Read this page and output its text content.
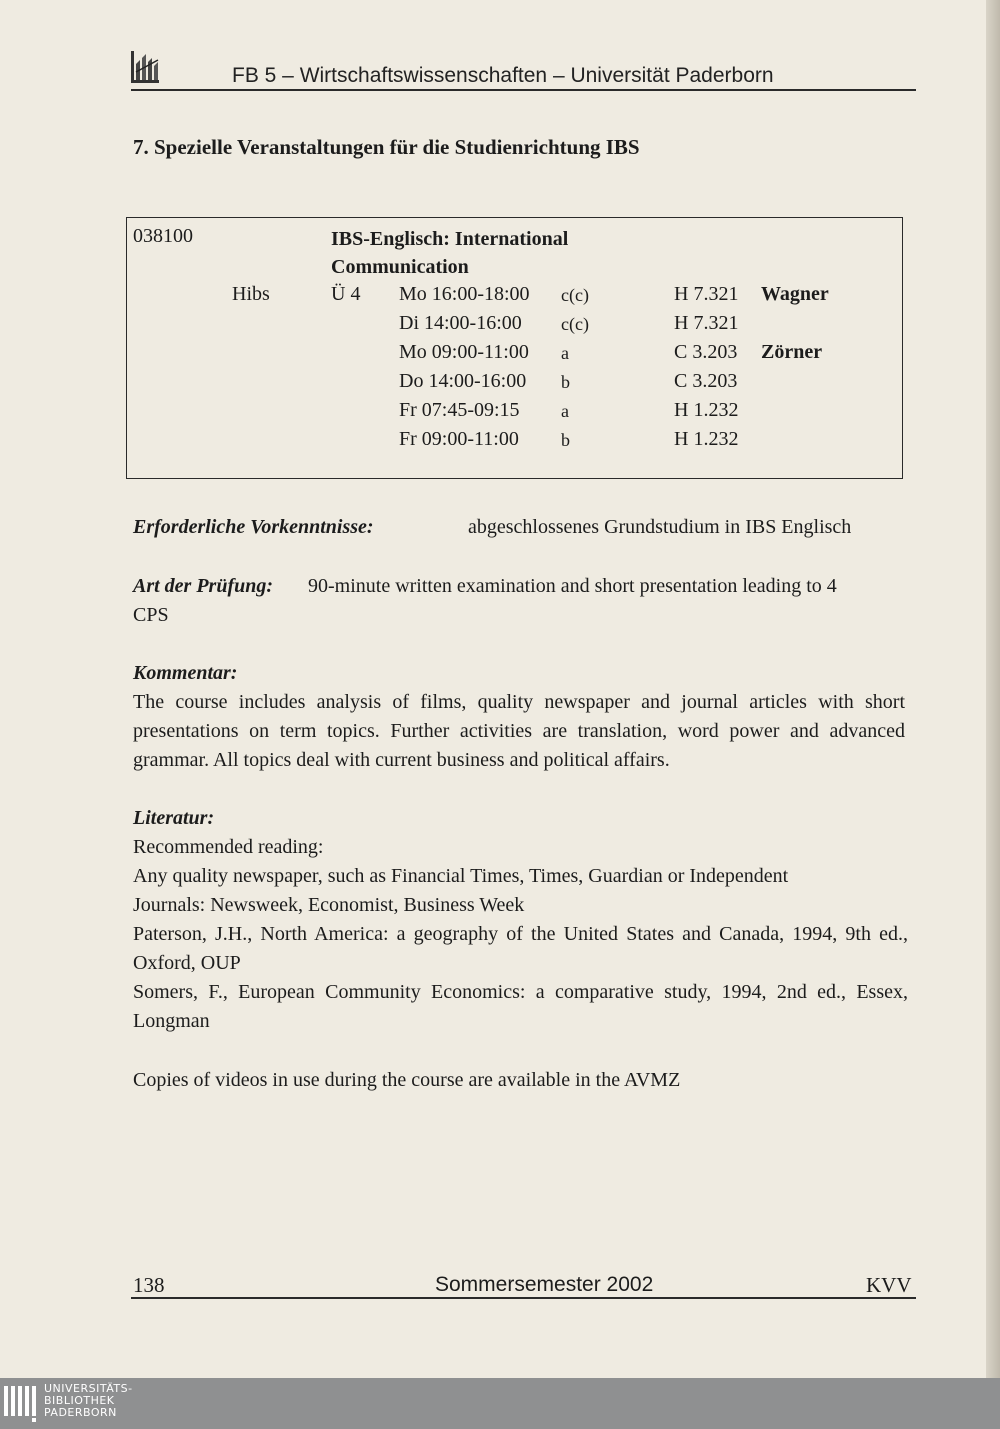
FB 5 – Wirtschaftswissenschaften – Universität Paderborn
7. Spezielle Veranstaltungen für die Studienrichtung IBS
038100	IBS-Englisch: International
Communication
Hibs	Ü 4 Mo 16:00-18:00 c(c)	H 7.321 Wagner
Di 14:00-16:00 c(c)	H 7.321
Mo 09:00-11:00 a	C 3.203 Zörner
Do 14:00-16:00 b	C 3.203
Fr 07:45-09:15 a	H 1.232
Fr 09:00-11:00 b	H 1.232
Erforderliche Vorkenntnisse:	abgeschlossenes Grundstudium in IBS Englisch
Art der Prüfung: 90-minute written examination and short presentation leading to 4
CPS
Kommentar:
The course includes analysis of films, quality newspaper and journal articles with short presentations on term topics. Further activities are translation, word power and advanced grammar. All topics deal with current business and political affairs.
Literatur:
Recommended reading:
Any quality newspaper, such as Financial Times, Times, Guardian or Independent
Journals: Newsweek, Economist, Business Week
Paterson, J.H., North America: a geography of the United States and Canada, 1994, 9th ed., Oxford, OUP
Somers, F., European Community Economics: a comparative study, 1994, 2nd ed., Essex, Longman
Copies of videos in use during the course are available in the AVMZ
138	Sommersemester 2002	KVV
UNIVERSITÄTS-
BIBLIOTHEK
PADERBORN
